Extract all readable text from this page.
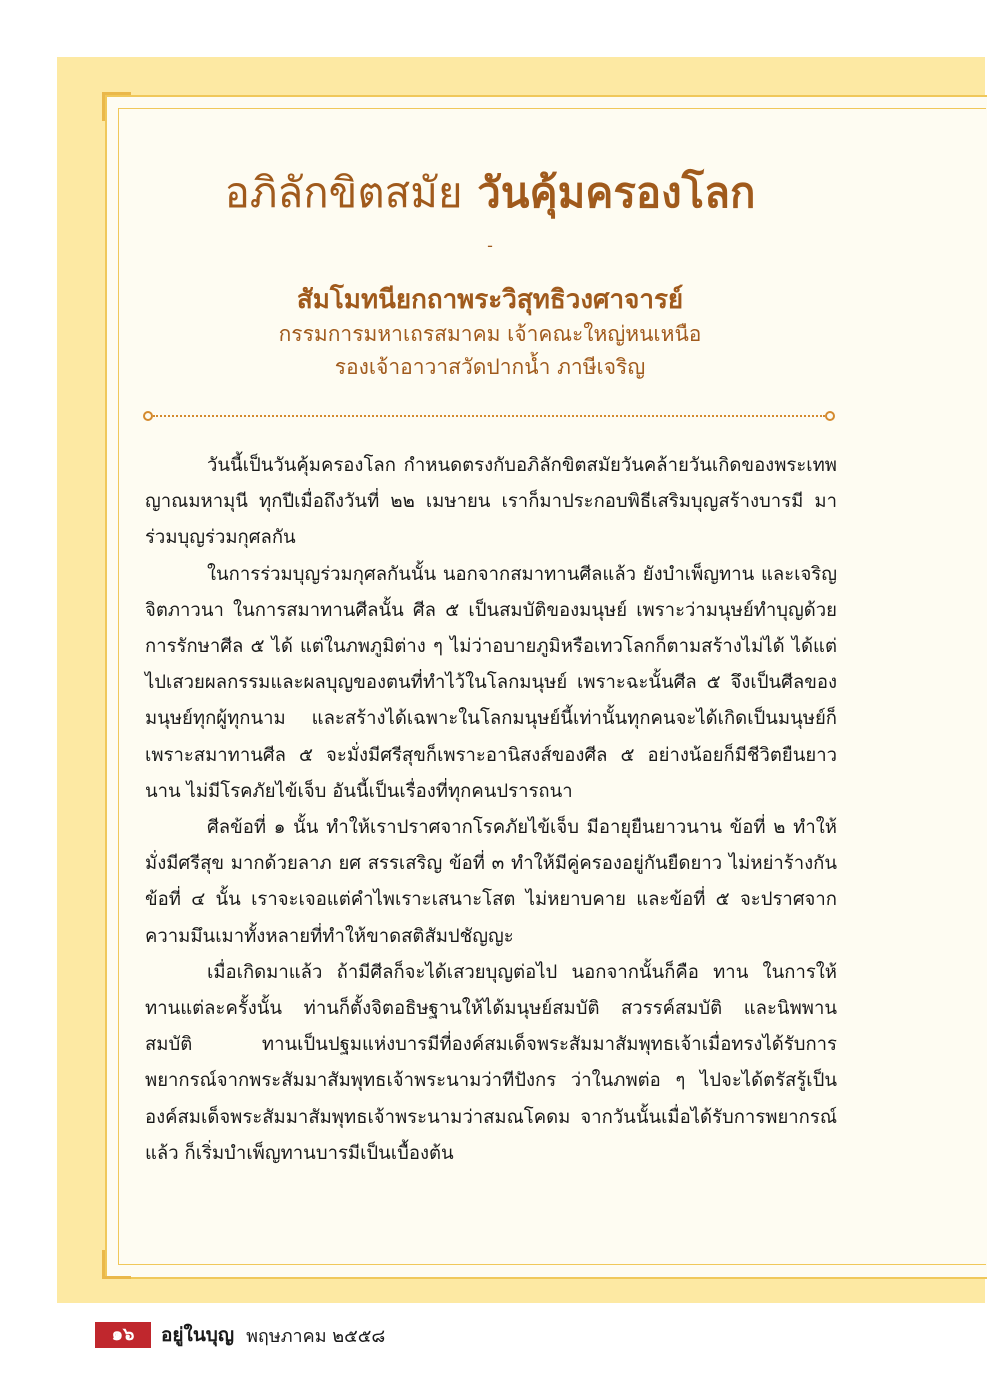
อภิลักขิตสมัย วันคุ้มครองโลก
-
สัมโมทนียกถาพระวิสุทธิวงศาจารย์
กรรมการมหาเถรสมาคม เจ้าคณะใหญ่หนเหนือ
รองเจ้าอาวาสวัดปากน้ำ ภาษีเจริญ

วันนี้เป็นวันคุ้มครองโลก กำหนดตรงกับอภิลักขิตสมัยวันคล้ายวันเกิดของพระเทพญาณมหามุนี ทุกปีเมื่อถึงวันที่ ๒๒ เมษายน เราก็มาประกอบพิธีเสริมบุญสร้างบารมี มาร่วมบุญร่วมกุศลกัน

ในการร่วมบุญร่วมกุศลกันนั้น นอกจากสมาทานศีลแล้ว ยังบำเพ็ญทาน และเจริญจิตภาวนา ในการสมาทานศีลนั้น ศีล ๕ เป็นสมบัติของมนุษย์ เพราะว่ามนุษย์ทำบุญด้วยการรักษาศีล ๕ ได้ แต่ในภพภูมิต่าง ๆ ไม่ว่าอบายภูมิหรือเทวโลกก็ตามสร้างไม่ได้ ได้แต่ไปเสวยผลกรรมและผลบุญของตนที่ทำไว้ในโลกมนุษย์ เพราะฉะนั้นศีล ๕ จึงเป็นศีลของมนุษย์ทุกผู้ทุกนาม และสร้างได้เฉพาะในโลกมนุษย์นี้เท่านั้นทุกคนจะได้เกิดเป็นมนุษย์ก็เพราะสมาทานศีล ๕ จะมั่งมีศรีสุขก็เพราะอานิสงส์ของศีล ๕ อย่างน้อยก็มีชีวิตยืนยาวนาน ไม่มีโรคภัยไข้เจ็บ อันนี้เป็นเรื่องที่ทุกคนปรารถนา

ศีลข้อที่ ๑ นั้น ทำให้เราปราศจากโรคภัยไข้เจ็บ มีอายุยืนยาวนาน ข้อที่ ๒ ทำให้มั่งมีศรีสุข มากด้วยลาภ ยศ สรรเสริญ ข้อที่ ๓ ทำให้มีคู่ครองอยู่กันยืดยาว ไม่หย่าร้างกัน ข้อที่ ๔ นั้น เราจะเจอแต่คำไพเราะเสนาะโสต ไม่หยาบคาย และข้อที่ ๕ จะปราศจากความมึนเมาทั้งหลายที่ทำให้ขาดสติสัมปชัญญะ

เมื่อเกิดมาแล้ว ถ้ามีศีลก็จะได้เสวยบุญต่อไป นอกจากนั้นก็คือ ทาน ในการให้ทานแต่ละครั้งนั้น ท่านก็ตั้งจิตอธิษฐานให้ได้มนุษย์สมบัติ สวรรค์สมบัติ และนิพพานสมบัติ ทานเป็นปฐมแห่งบารมีที่องค์สมเด็จพระสัมมาสัมพุทธเจ้าเมื่อทรงได้รับการพยากรณ์จากพระสัมมาสัมพุทธเจ้าพระนามว่าทีปังกร ว่าในภพต่อ ๆ ไปจะได้ตรัสรู้เป็นองค์สมเด็จพระสัมมาสัมพุทธเจ้าพระนามว่าสมณโคดม จากวันนั้นเมื่อได้รับการพยากรณ์แล้ว ก็เริ่มบำเพ็ญทานบารมีเป็นเบื้องต้น

๑๖	อยู่ในบุญ พฤษภาคม ๒๕๕๘
